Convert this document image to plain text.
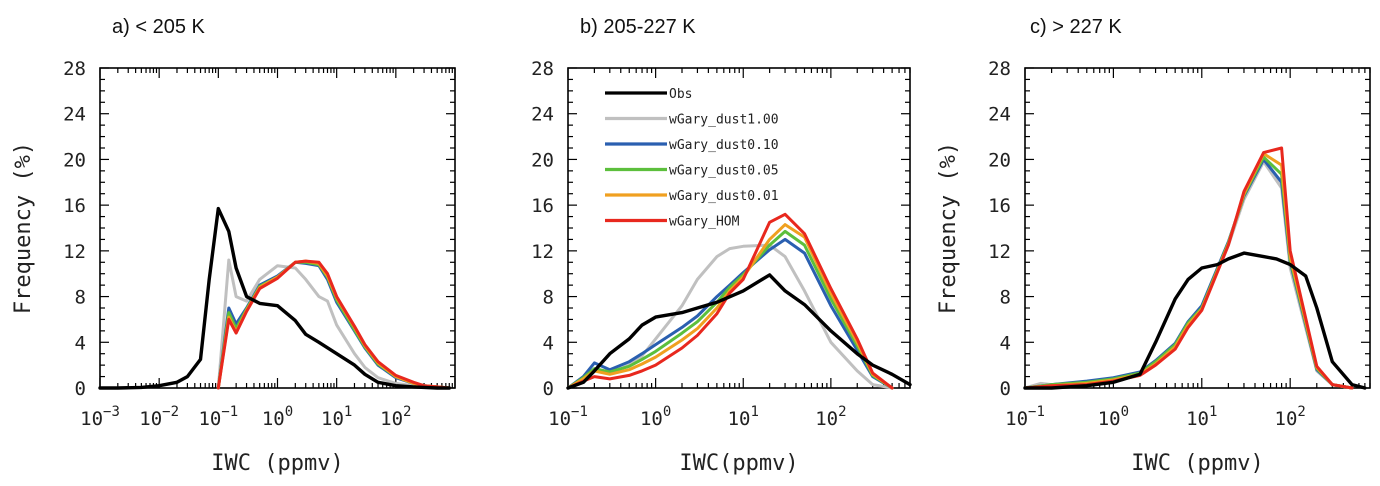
a) < 205 K
0
4
8
12
16
20
24
28
$10^{-3}$ $10^{-2}$ $10^{-1}$ $10^0$ $10^1$ $10^2$
IWC (ppmv)
Frequency (%)
b) 205-227 K
0
4
8
12
16
20
24
28
$10^{-1}$	$10^0$	$10^1$	$10^2$
IWC(ppmv)
Obs
wGary_dust1.00
wGary_dust0.10
wGary_dust0.05
wGary_dust0.01
wGary_HOM
c) > 227 K
0
4
8
12
16
20
24
28
$10^{-1}$	$10^0$	$10^1$	$10^2$
IWC (ppmv)
Frequency (%)
